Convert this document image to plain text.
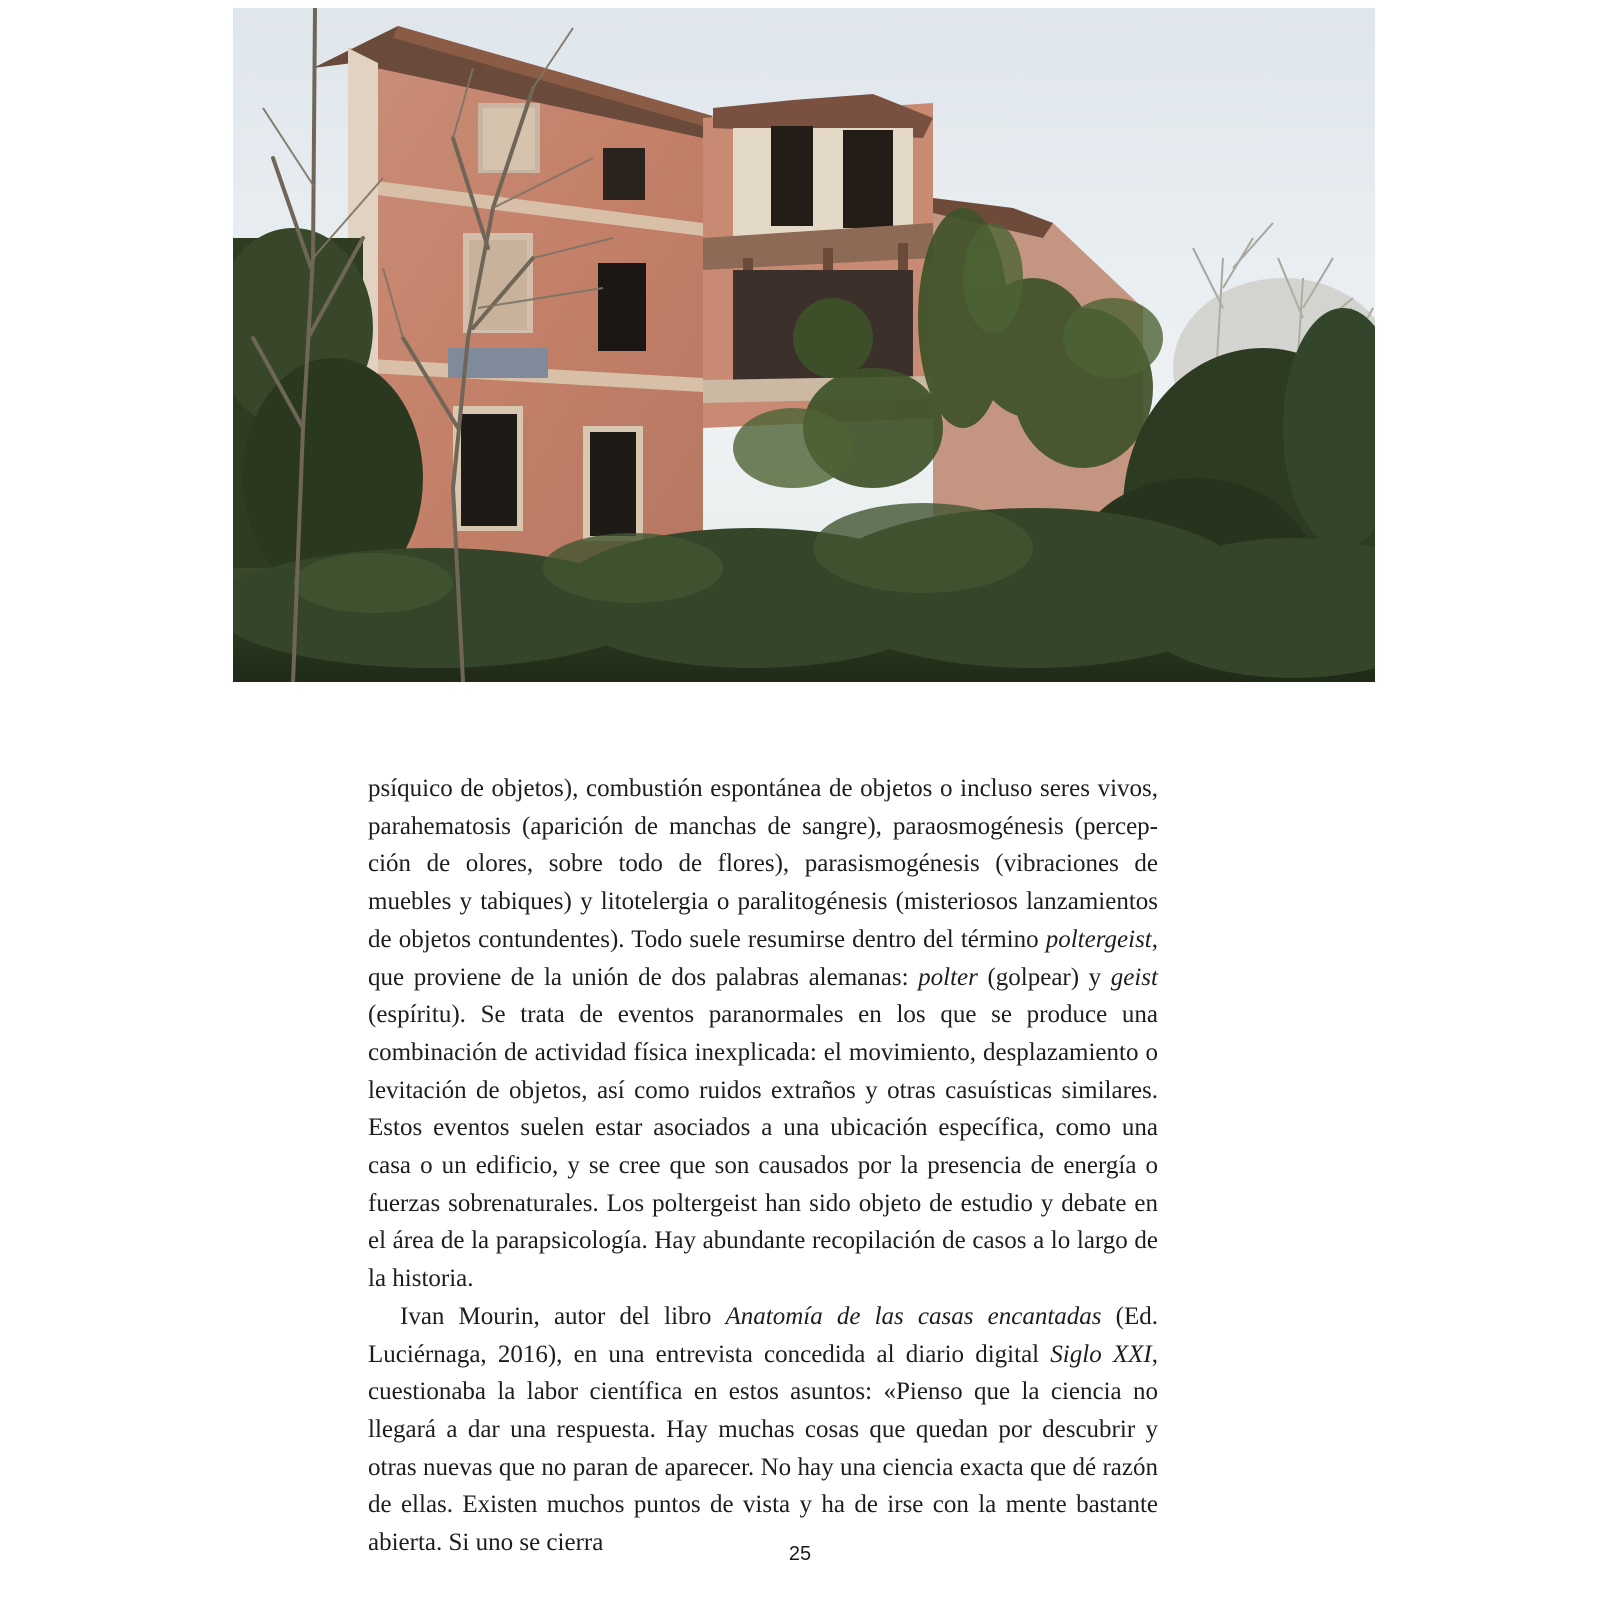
psíquico de objetos), combustión espontánea de objetos o incluso seres vivos, parahematosis (aparición de manchas de sangre), paraosmogénesis (percepción de olores, sobre todo de flores), parasismogénesis (vibraciones de muebles y tabiques) y litotelergia o paralitogénesis (misteriosos lanzamientos de objetos contundentes). Todo suele resumirse dentro del término poltergeist, que proviene de la unión de dos palabras alemanas: polter (golpear) y geist (espíritu). Se trata de eventos paranormales en los que se produce una combinación de actividad física inexplicada: el movimiento, desplazamiento o levitación de objetos, así como ruidos extraños y otras casuísticas similares. Estos eventos suelen estar asociados a una ubicación específica, como una casa o un edificio, y se cree que son causados por la presencia de energía o fuerzas sobrenaturales. Los poltergeist han sido objeto de estudio y debate en el área de la parapsicología. Hay abundante recopilación de casos a lo largo de la historia.

Ivan Mourin, autor del libro Anatomía de las casas encantadas (Ed. Luciérnaga, 2016), en una entrevista concedida al diario digital Siglo XXI, cuestionaba la labor científica en estos asuntos: «Pienso que la ciencia no llegará a dar una respuesta. Hay muchas cosas que quedan por descubrir y otras nuevas que no paran de aparecer. No hay una ciencia exacta que dé razón de ellas. Existen muchos puntos de vista y ha de irse con la mente bastante abierta. Si uno se cierra	25
